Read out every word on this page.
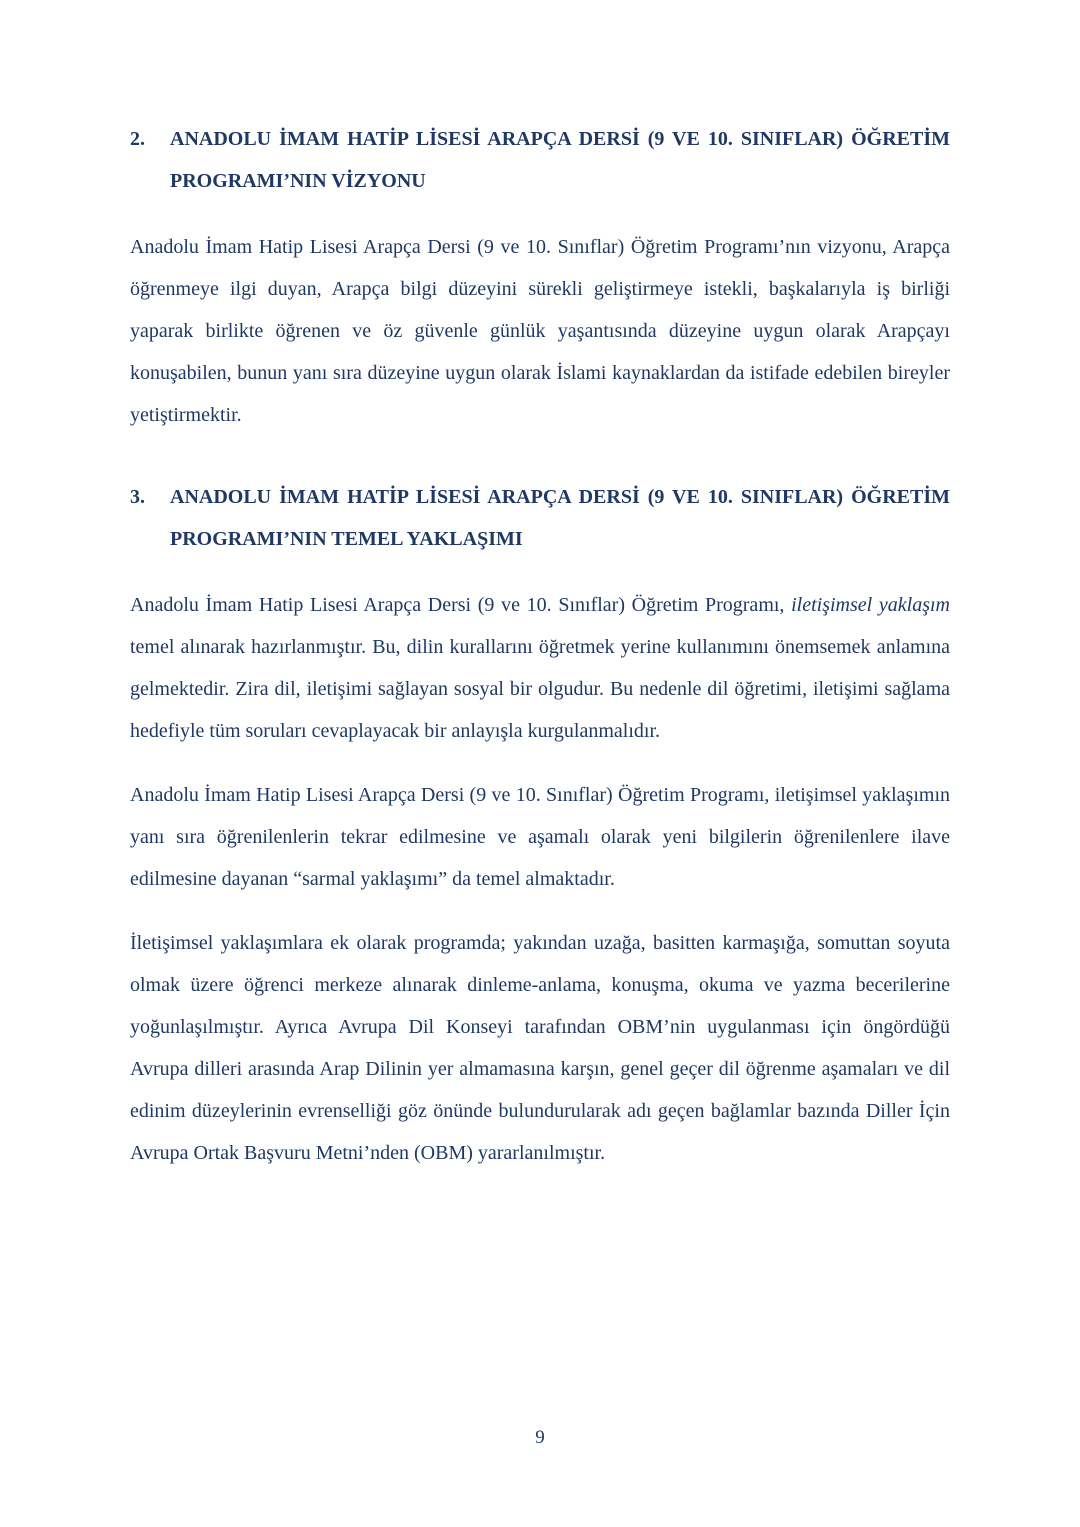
2. ANADOLU İMAM HATİP LİSESİ ARAPÇA DERSİ (9 VE 10. SINIFLAR) ÖĞRETİM PROGRAMI’NIN VİZYONU

Anadolu İmam Hatip Lisesi Arapça Dersi (9 ve 10. Sınıflar) Öğretim Programı’nın vizyonu, Arapça öğrenmeye ilgi duyan, Arapça bilgi düzeyini sürekli geliştirmeye istekli, başkalarıyla iş birliği yaparak birlikte öğrenen ve öz güvenle günlük yaşantısında düzeyine uygun olarak Arapçayı konuşabilen, bunun yanı sıra düzeyine uygun olarak İslami kaynaklardan da istifade edebilen bireyler yetiştirmektir.

3. ANADOLU İMAM HATİP LİSESİ ARAPÇA DERSİ (9 VE 10. SINIFLAR) ÖĞRETİM PROGRAMI’NIN TEMEL YAKLAŞIMI

Anadolu İmam Hatip Lisesi Arapça Dersi (9 ve 10. Sınıflar) Öğretim Programı, iletişimsel yaklaşım temel alınarak hazırlanmıştır. Bu, dilin kurallarını öğretmek yerine kullanımını önemsemek anlamına gelmektedir. Zira dil, iletişimi sağlayan sosyal bir olgudur. Bu nedenle dil öğretimi, iletişimi sağlama hedefiyle tüm soruları cevaplayacak bir anlayışla kurgulanmalıdır.

Anadolu İmam Hatip Lisesi Arapça Dersi (9 ve 10. Sınıflar) Öğretim Programı, iletişimsel yaklaşımın yanı sıra öğrenilenlerin tekrar edilmesine ve aşamalı olarak yeni bilgilerin öğrenilenlere ilave edilmesine dayanan “sarmal yaklaşımı” da temel almaktadır.

İletişimsel yaklaşımlara ek olarak programda; yakından uzağa, basitten karmaşığa, somuttan soyuta olmak üzere öğrenci merkeze alınarak dinleme-anlama, konuşma, okuma ve yazma becerilerine yoğunlaşılmıştır. Ayrıca Avrupa Dil Konseyi tarafından OBM’nin uygulanması için öngördüğü Avrupa dilleri arasında Arap Dilinin yer almamasına karşın, genel geçer dil öğrenme aşamaları ve dil edinim düzeylerinin evrenselliği göz önünde bulundurularak adı geçen bağlamlar bazında Diller İçin Avrupa Ortak Başvuru Metni’nden (OBM) yararlanılmıştır.

9
